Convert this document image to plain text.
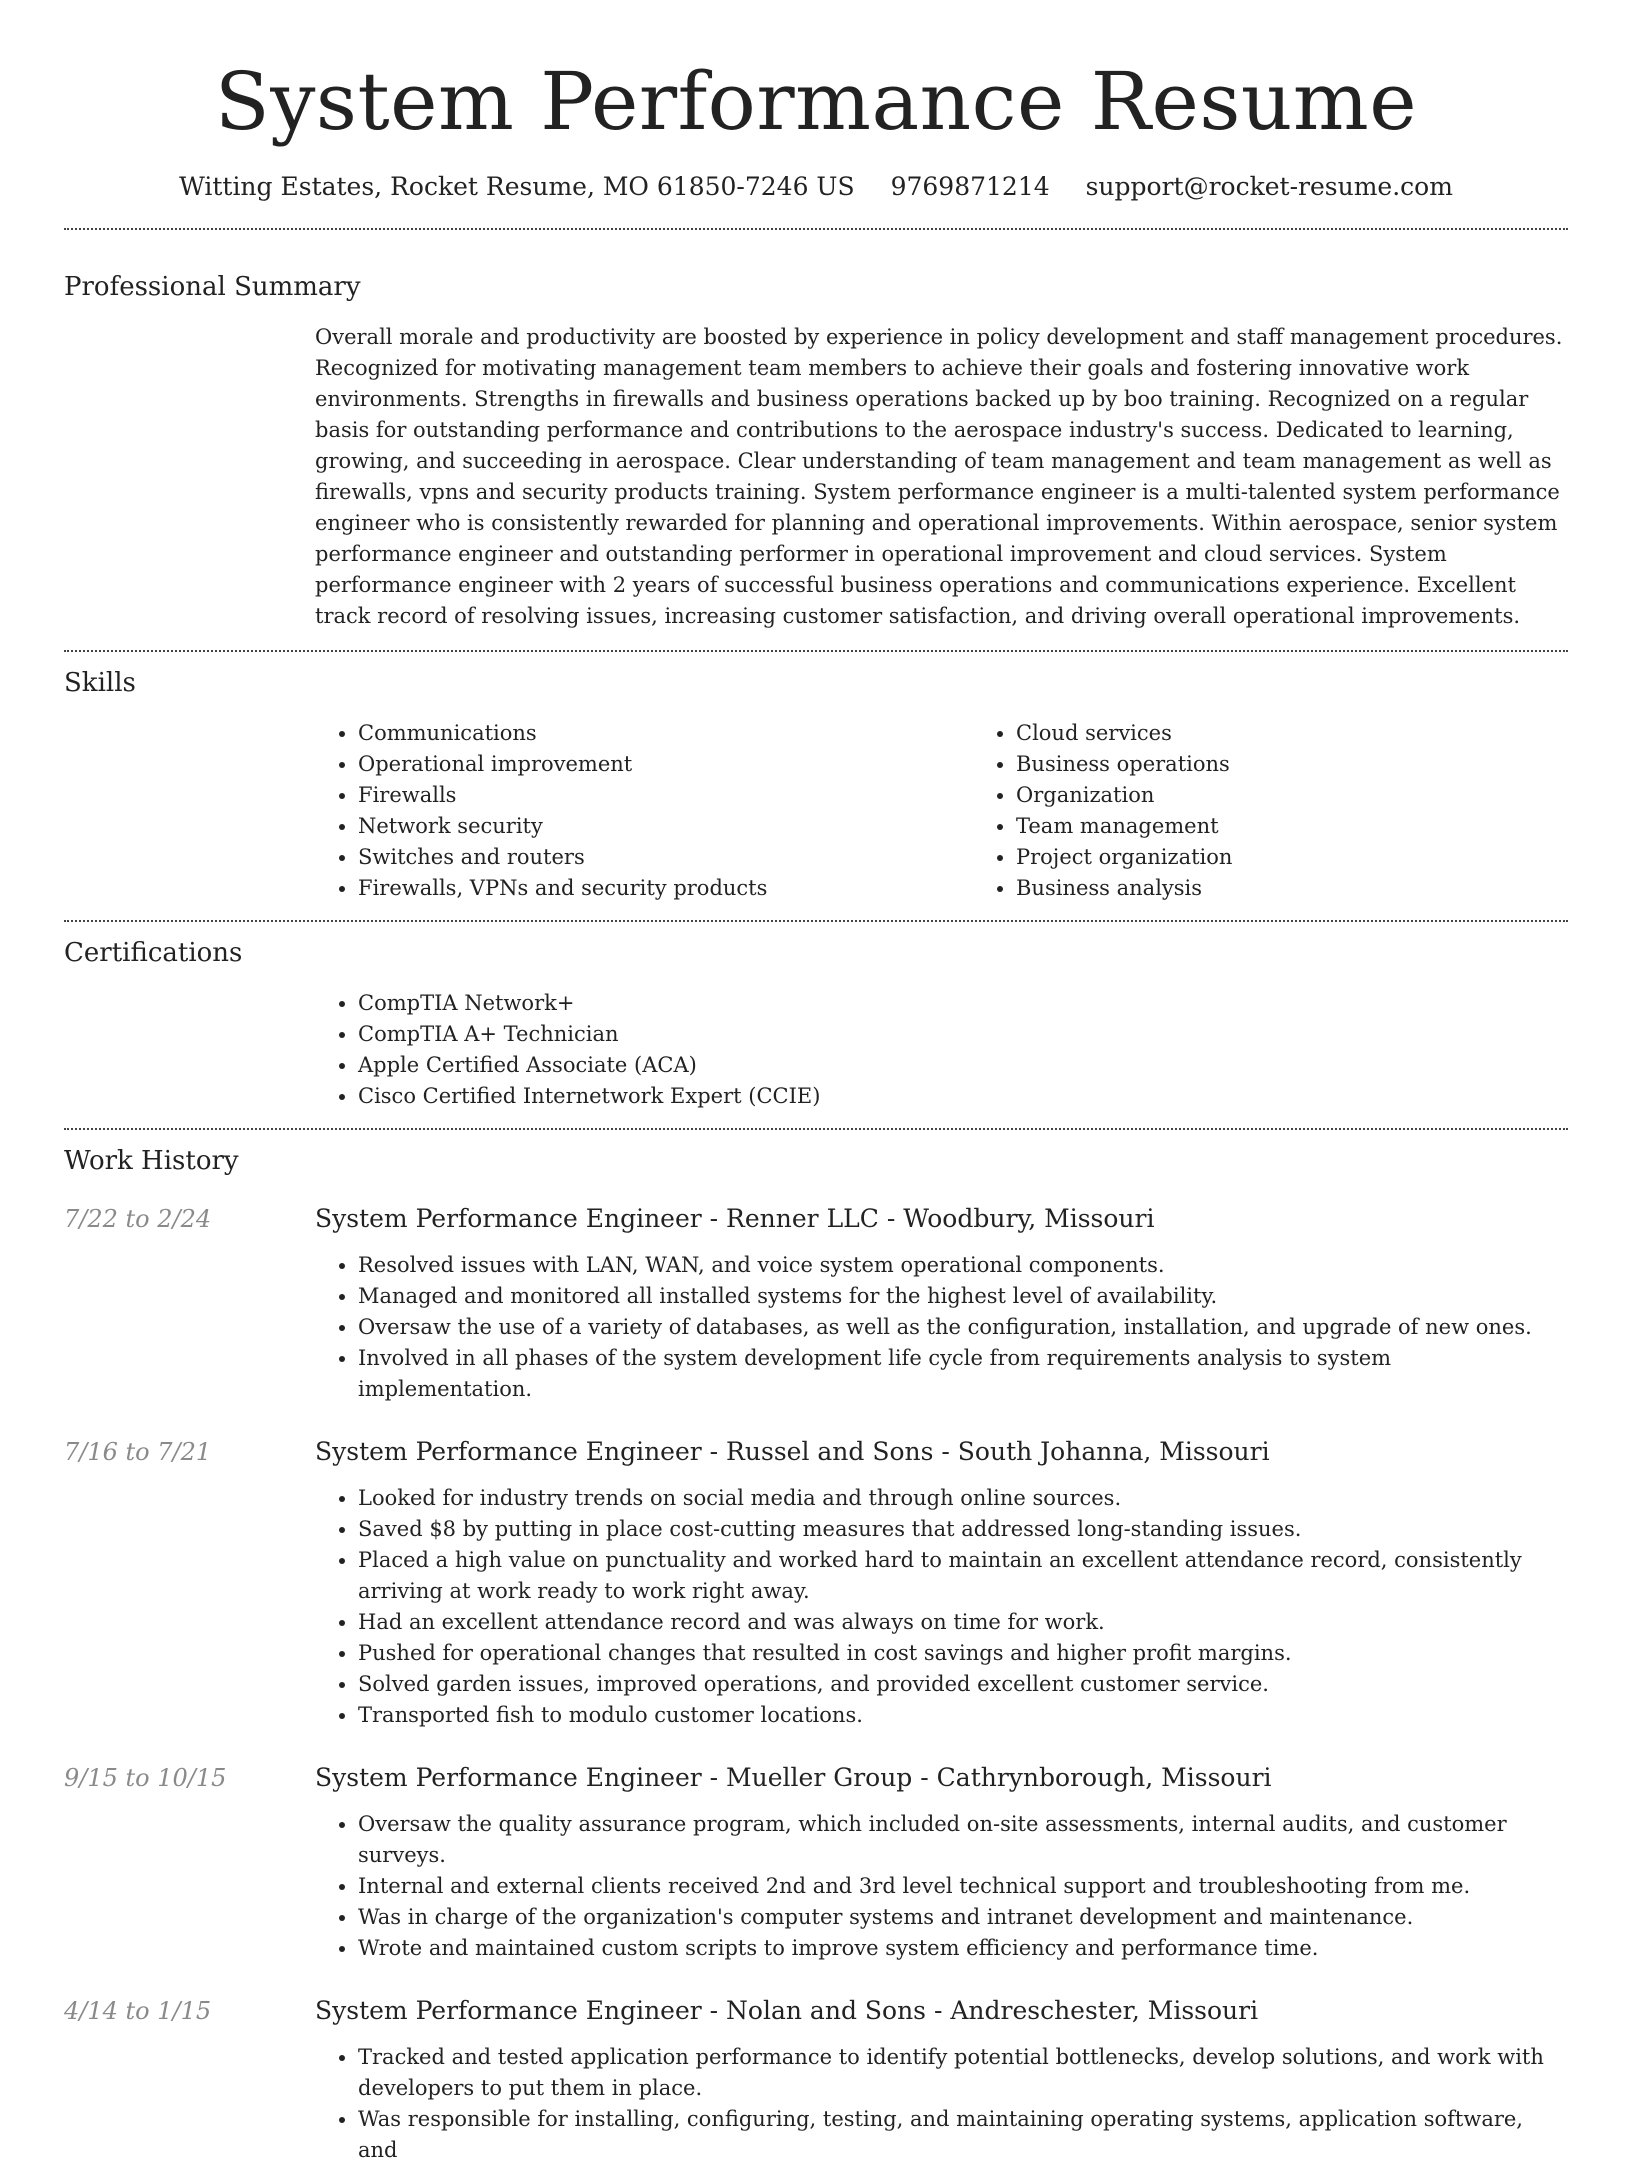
System Performance Resume
Witting Estates, Rocket Resume, MO 61850-7246 US 9769871214 support@rocket-resume.com
Professional Summary
Overall morale and productivity are boosted by experience in policy development and staff management procedures. Recognized for motivating management team members to achieve their goals and fostering innovative work environments. Strengths in firewalls and business operations backed up by boo training. Recognized on a regular basis for outstanding performance and contributions to the aerospace industry's success. Dedicated to learning, growing, and succeeding in aerospace. Clear understanding of team management and team management as well as firewalls, vpns and security products training. System performance engineer is a multi-talented system performance engineer who is consistently rewarded for planning and operational improvements. Within aerospace, senior system performance engineer and outstanding performer in operational improvement and cloud services. System performance engineer with 2 years of successful business operations and communications experience. Excellent track record of resolving issues, increasing customer satisfaction, and driving overall operational improvements.
Skills
• Communications
• Operational improvement
• Firewalls
• Network security
• Switches and routers
• Firewalls, VPNs and security products
• Cloud services
• Business operations
• Organization
• Team management
• Project organization
• Business analysis
Certifications
• CompTIA Network+
• CompTIA A+ Technician
• Apple Certified Associate (ACA)
• Cisco Certified Internetwork Expert (CCIE)
Work History
7/22 to 2/24	System Performance Engineer - Renner LLC - Woodbury, Missouri
• Resolved issues with LAN, WAN, and voice system operational components.
• Managed and monitored all installed systems for the highest level of availability.
• Oversaw the use of a variety of databases, as well as the configuration, installation, and upgrade of new ones.
• Involved in all phases of the system development life cycle from requirements analysis to system implementation.
7/16 to 7/21	System Performance Engineer - Russel and Sons - South Johanna, Missouri
• Looked for industry trends on social media and through online sources.
• Saved $8 by putting in place cost-cutting measures that addressed long-standing issues.
• Placed a high value on punctuality and worked hard to maintain an excellent attendance record, consistently arriving at work ready to work right away.
• Had an excellent attendance record and was always on time for work.
• Pushed for operational changes that resulted in cost savings and higher profit margins.
• Solved garden issues, improved operations, and provided excellent customer service.
• Transported fish to modulo customer locations.
9/15 to 10/15	System Performance Engineer - Mueller Group - Cathrynborough, Missouri
• Oversaw the quality assurance program, which included on-site assessments, internal audits, and customer surveys.
• Internal and external clients received 2nd and 3rd level technical support and troubleshooting from me.
• Was in charge of the organization's computer systems and intranet development and maintenance.
• Wrote and maintained custom scripts to improve system efficiency and performance time.
4/14 to 1/15	System Performance Engineer - Nolan and Sons - Andreschester, Missouri
• Tracked and tested application performance to identify potential bottlenecks, develop solutions, and work with developers to put them in place.
• Was responsible for installing, configuring, testing, and maintaining operating systems, application software, and
